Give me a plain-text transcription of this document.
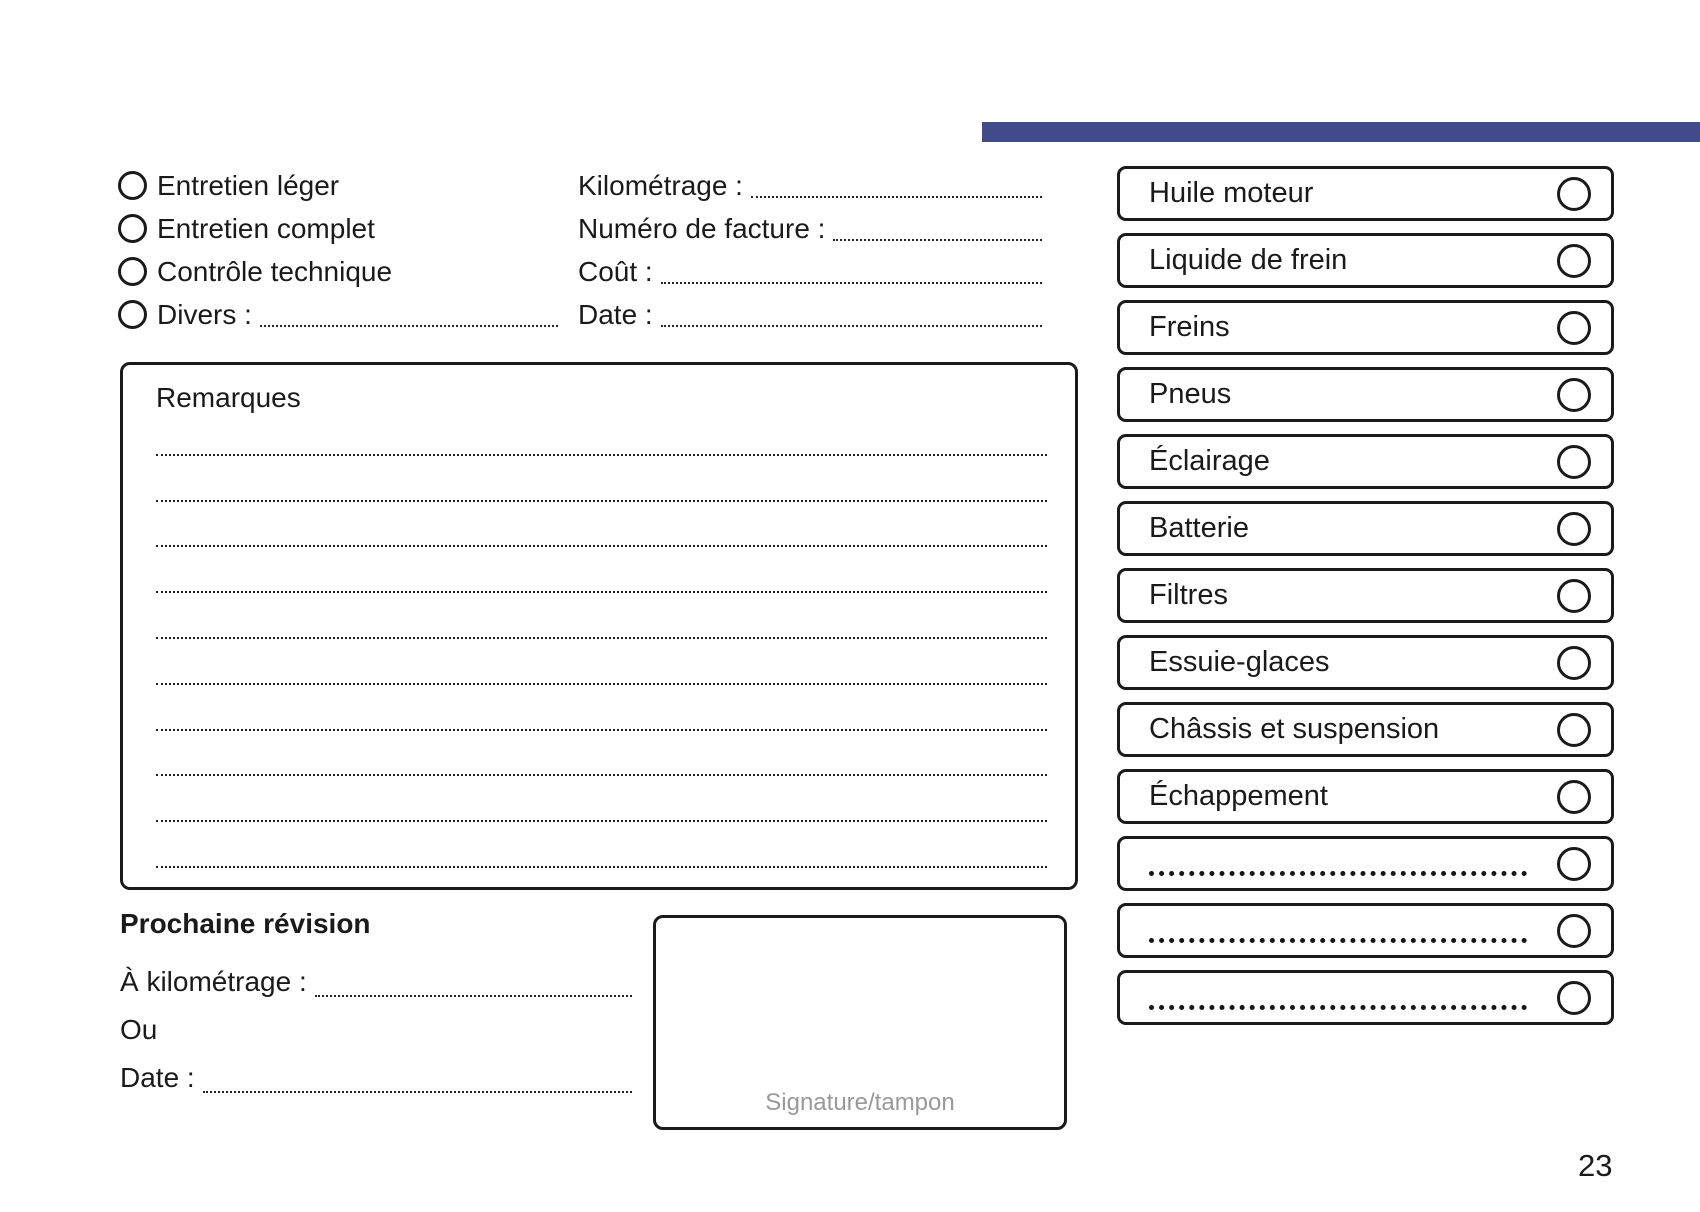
Entretien léger
Entretien complet
Contrôle technique
Divers :
Kilométrage :
Numéro de facture :
Coût :
Date :
Remarques
Prochaine révision
À kilométrage :
Ou
Date :
Signature/tampon
Huile moteur
Liquide de frein
Freins
Pneus
Éclairage
Batterie
Filtres
Essuie-glaces
Châssis et suspension
Échappement
23
